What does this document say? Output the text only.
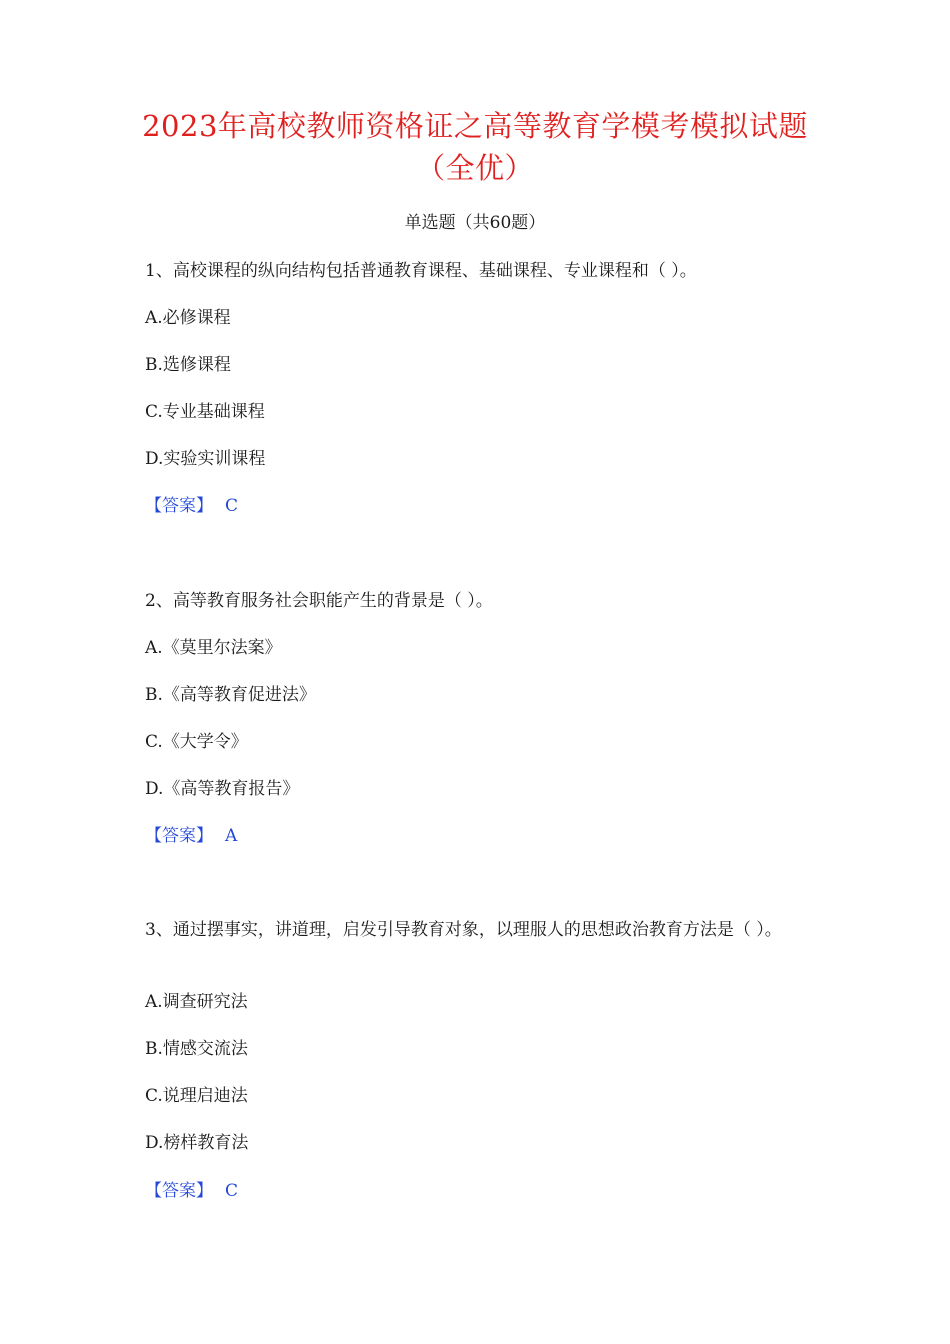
2023年高校教师资格证之高等教育学模考模拟试题
（全优）
单选题（共60题）
1、高校课程的纵向结构包括普通教育课程、基础课程、专业课程和（ ）。
A.必修课程
B.选修课程
C.专业基础课程
D.实验实训课程
【答案】 C
2、高等教育服务社会职能产生的背景是（ ）。
A.《莫里尔法案》
B.《高等教育促进法》
C.《大学令》
D.《高等教育报告》
【答案】 A
3、通过摆事实，讲道理，启发引导教育对象，以理服人的思想政治教育方法是（ ）。
A.调查研究法
B.情感交流法
C.说理启迪法
D.榜样教育法
【答案】 C
